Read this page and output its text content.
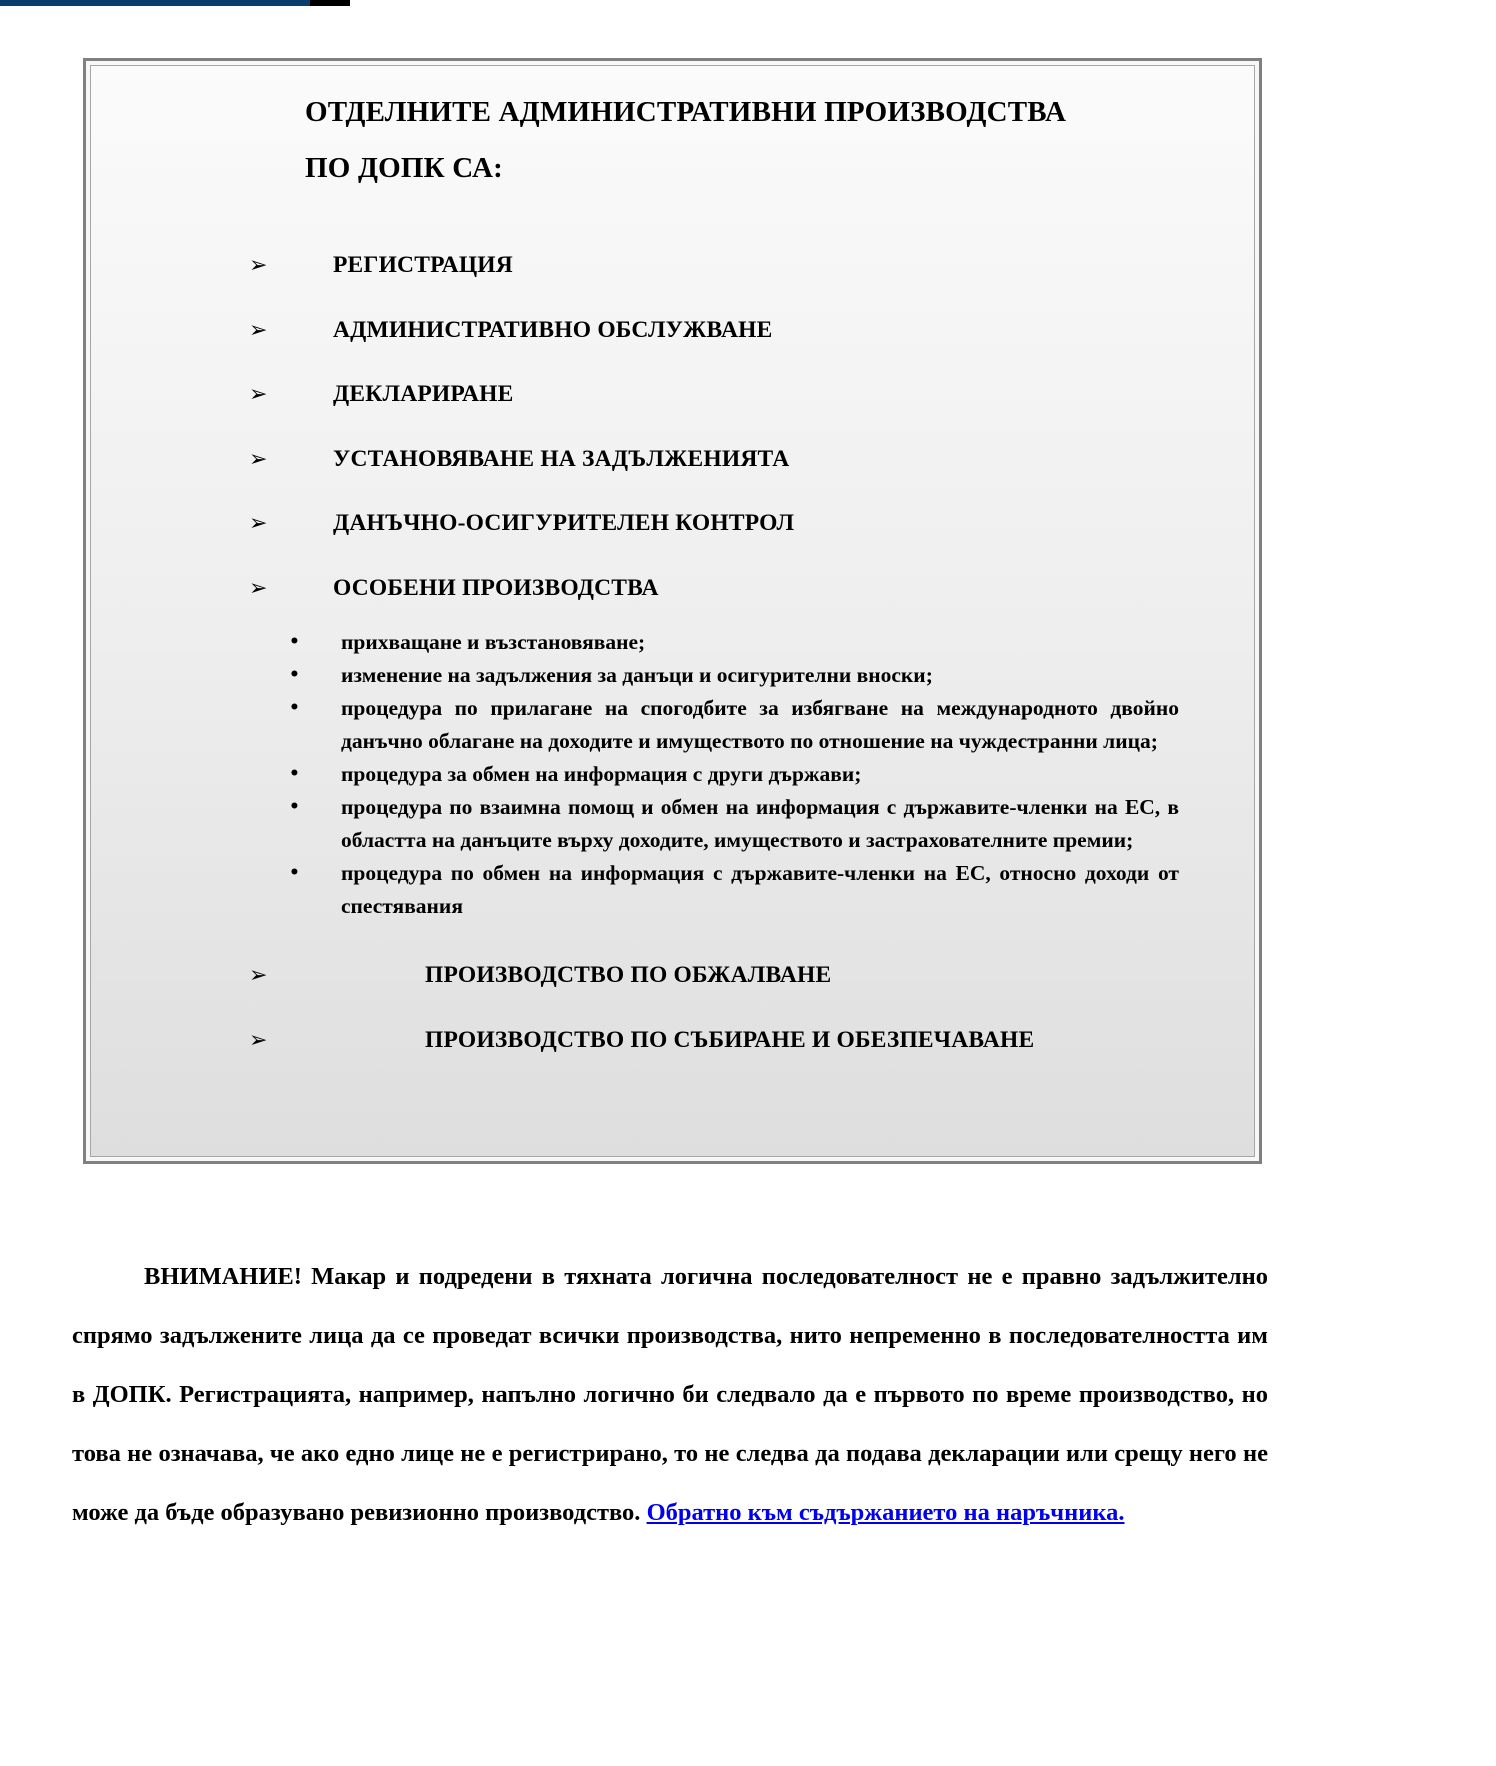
ОТДЕЛНИТЕ АДМИНИСТРАТИВНИ ПРОИЗВОДСТВА
ПО ДОПК СА:
➢	РЕГИСТРАЦИЯ
➢	АДМИНИСТРАТИВНО ОБСЛУЖВАНЕ
➢	ДЕКЛАРИРАНЕ
➢	УСТАНОВЯВАНЕ НА ЗАДЪЛЖЕНИЯТА
➢	ДАНЪЧНО-ОСИГУРИТЕЛЕН КОНТРОЛ
➢	ОСОБЕНИ ПРОИЗВОДСТВА
• прихващане и възстановяване;
• изменение на задължения за данъци и осигурителни вноски;
• процедура по прилагане на спогодбите за избягване на международното двойно данъчно облагане на доходите и имуществото по отношение на чуждестранни лица;
• процедура за обмен на информация с други държави;
• процедура по взаимна помощ и обмен на информация с държавите-членки на ЕС, в областта на данъците върху доходите, имуществото и застрахователните премии;
• процедура по обмен на информация с държавите-членки на ЕС, относно доходи от спестявания
➢	ПРОИЗВОДСТВО ПО ОБЖАЛВАНЕ
➢	ПРОИЗВОДСТВО ПО СЪБИРАНЕ И ОБЕЗПЕЧАВАНЕ

ВНИМАНИЕ! Макар и подредени в тяхната логична последователност не е правно задължително спрямо задължените лица да се проведат всички производства, нито непременно в последователността им в ДОПК. Регистрацията, например, напълно логично би следвало да е първото по време производство, но това не означава, че ако едно лице не е регистрирано, то не следва да подава декларации или срещу него не може да бъде образувано ревизионно производство. Обратно към съдържанието на наръчника.
